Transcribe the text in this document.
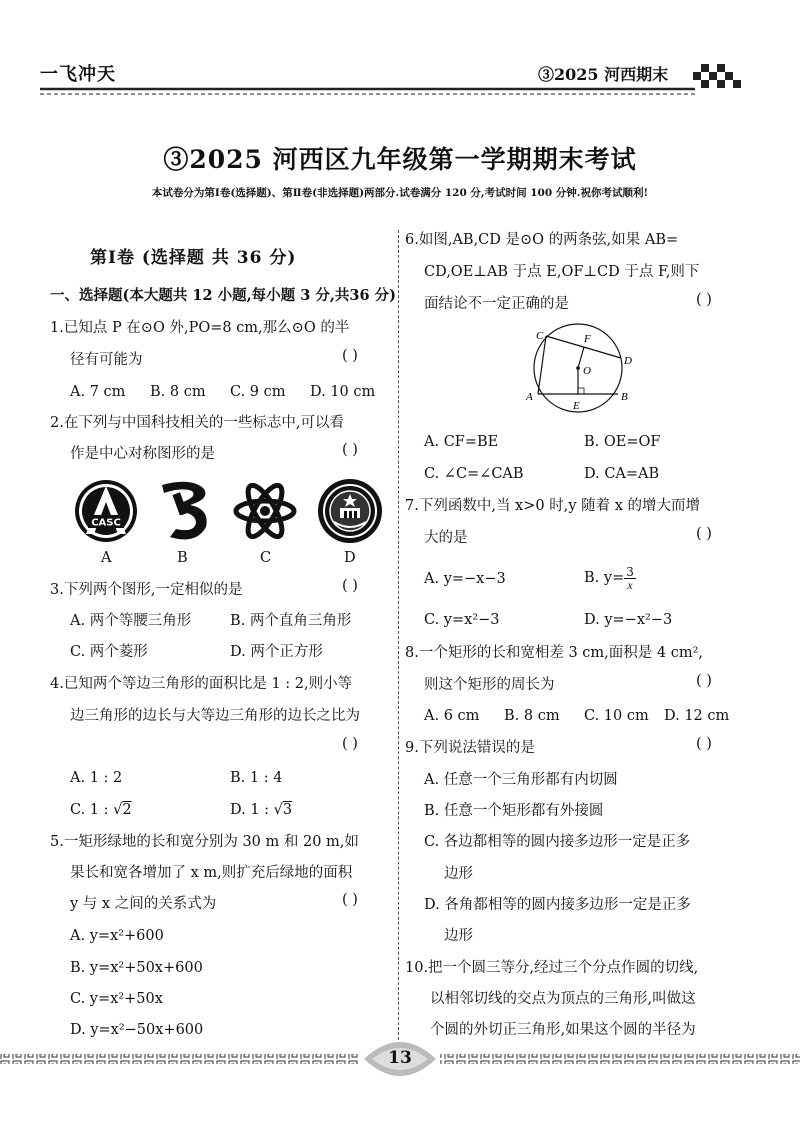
一飞冲天	③2025 河西期末
③2025 河西区九年级第一学期期末考试
本试卷分为第Ⅰ卷(选择题)、第Ⅱ卷(非选择题)两部分.试卷满分 120 分,考试时间 100 分钟.祝你考试顺利!
第Ⅰ卷 (选择题 共 36 分)
一、选择题(本大题共 12 小题,每小题 3 分,共36 分)
1.已知点 P 在⊙O 外,PO=8 cm,那么⊙O 的半
径有可能为	( )
A. 7 cm B. 8 cm C. 9 cm D. 10 cm
2.在下列与中国科技相关的一些标志中,可以看
作是中心对称图形的是	( )
CASC
A	B	C	D
3.下列两个图形,一定相似的是	( )
A. 两个等腰三角形	B. 两个直角三角形
C. 两个菱形	D. 两个正方形
4.已知两个等边三角形的面积比是 1 : 2,则小等
边三角形的边长与大等边三角形的边长之比为
( )
A. 1 : 2	B. 1 : 4
C. 1 : √2	D. 1 : √3
5.一矩形绿地的长和宽分别为 30 m 和 20 m,如
果长和宽各增加了 x m,则扩充后绿地的面积
y 与 x 之间的关系式为	( )
A. y=x²+600
B. y=x²+50x+600
C. y=x²+50x
D. y=x²−50x+600
6.如图,AB,CD 是⊙O 的两条弦,如果 AB=
CD,OE⊥AB 于点 E,OF⊥CD 于点 F,则下
面结论不一定正确的是	( )
C	F
D
O
A
E
B
A. CF=BE	B. OE=OF
C. ∠C=∠CAB	D. CA=AB
7.下列函数中,当 x>0 时,y 随着 x 的增大而增
大的是	( )
A. y=−x−3	B. $y= \frac{3}{x}$
C. y=x²−3	D. y=−x²−3
8.一个矩形的长和宽相差 3 cm,面积是 4 cm²,
则这个矩形的周长为	( )
A. 6 cm B. 8 cm C. 10 cm D. 12 cm
9.下列说法错误的是	( )
A. 任意一个三角形都有内切圆
B. 任意一个矩形都有外接圆
C. 各边都相等的圆内接多边形一定是正多
边形
D. 各角都相等的圆内接多边形一定是正多
边形
10.把一个圆三等分,经过三个分点作圆的切线,
以相邻切线的交点为顶点的三角形,叫做这
个圆的外切正三角形,如果这个圆的半径为
13
